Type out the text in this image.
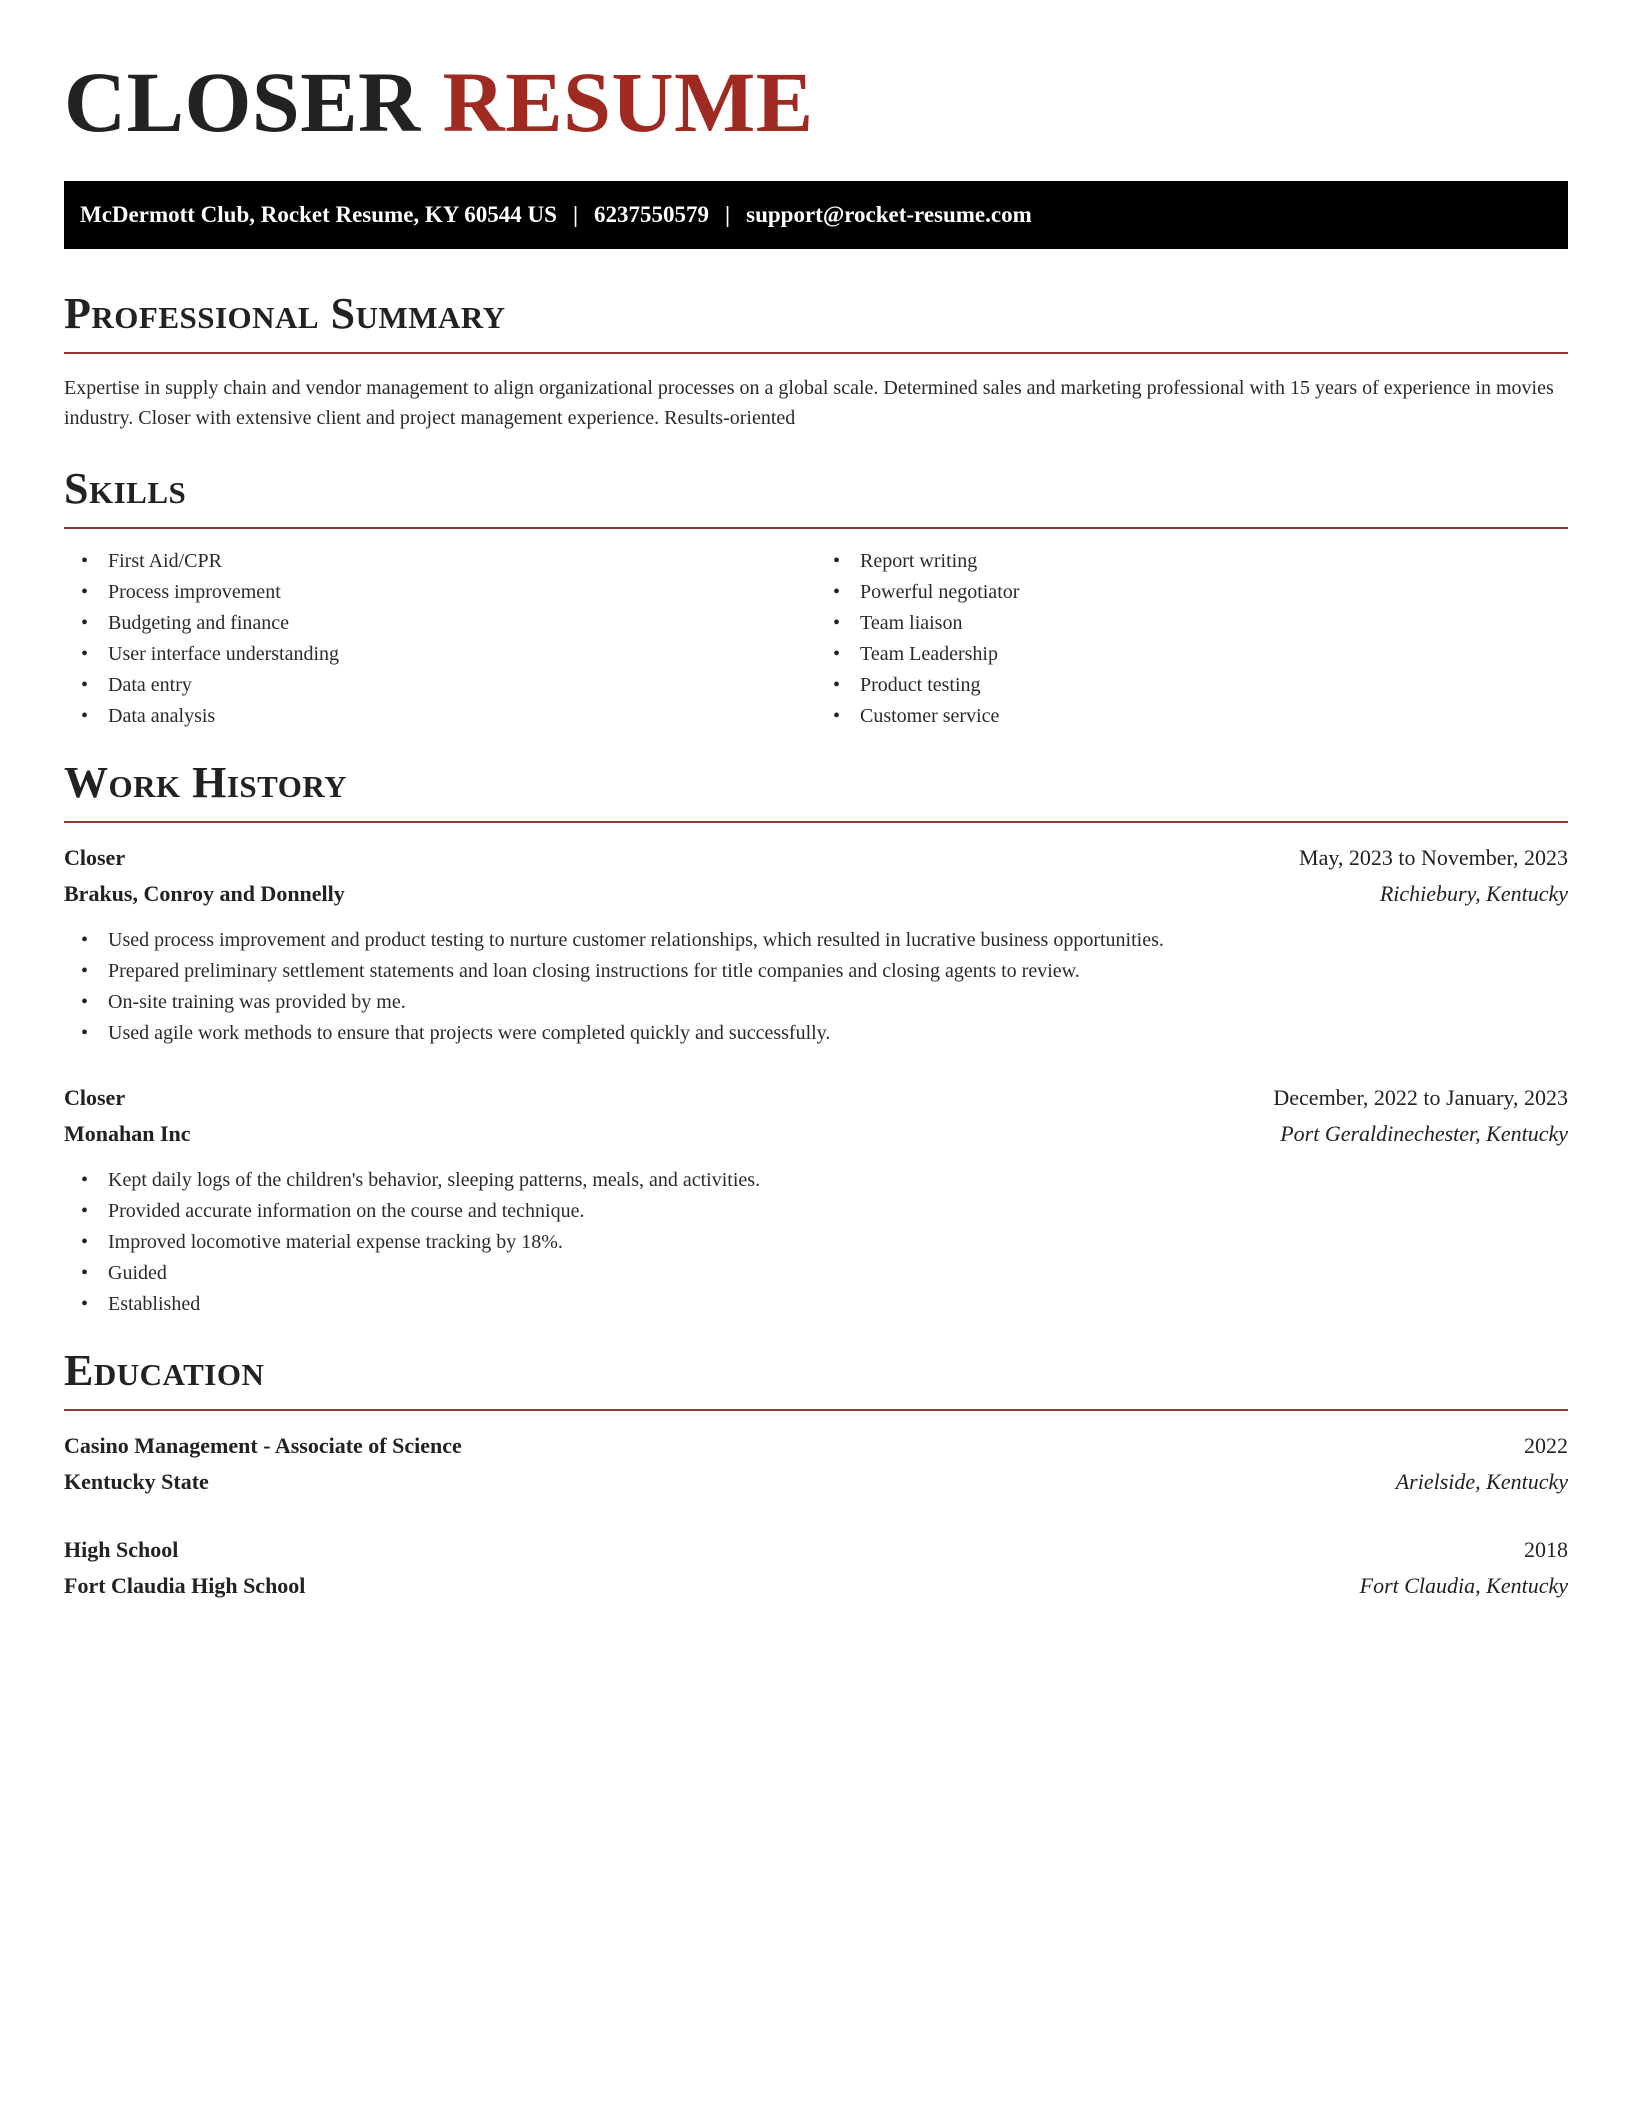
CLOSER RESUME
McDermott Club, Rocket Resume, KY 60544 US | 6237550579 | support@rocket-resume.com
Professional Summary

Expertise in supply chain and vendor management to align organizational processes on a global scale. Determined sales and marketing professional with 15 years of experience in movies industry. Closer with extensive client and project management experience. Results-oriented

Skills
• First Aid/CPR
• Process improvement
• Budgeting and finance
• User interface understanding
• Data entry
• Data analysis
• Report writing
• Powerful negotiator
• Team liaison
• Team Leadership
• Product testing
• Customer service
Work History
Closer	May, 2023 to November, 2023
Brakus, Conroy and Donnelly	Richiebury, Kentucky
• Used process improvement and product testing to nurture customer relationships, which resulted in lucrative business opportunities.
• Prepared preliminary settlement statements and loan closing instructions for title companies and closing agents to review.
• On-site training was provided by me.
• Used agile work methods to ensure that projects were completed quickly and successfully.
Closer	December, 2022 to January, 2023
Monahan Inc	Port Geraldinechester, Kentucky
• Kept daily logs of the children's behavior, sleeping patterns, meals, and activities.
• Provided accurate information on the course and technique.
• Improved locomotive material expense tracking by 18%.
• Guided
• Established
Education
Casino Management - Associate of Science	2022
Kentucky State	Arielside, Kentucky
High School	2018
Fort Claudia High School	Fort Claudia, Kentucky
